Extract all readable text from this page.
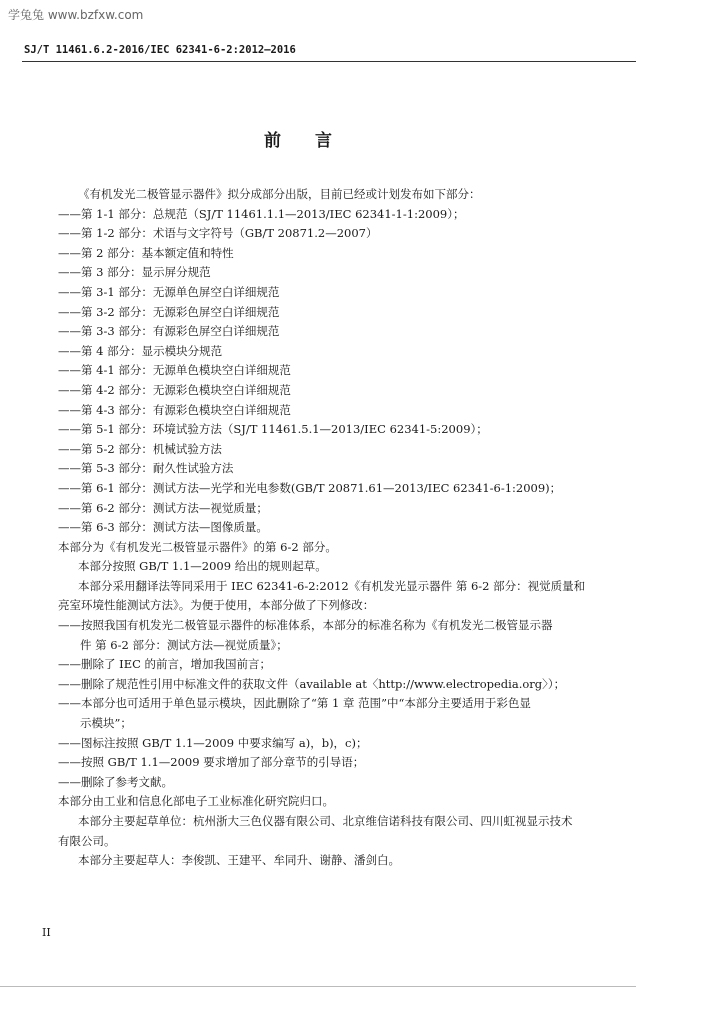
学兔兔 www.bzfxw.com
SJ/T 11461.6.2-2016/IEC 62341-6-2:2012—2016
前言

《有机发光二极管显示器件》拟分成部分出版，目前已经或计划发布如下部分：

——第 1-1 部分：总规范（SJ/T 11461.1.1—2013/IEC 62341-1-1:2009）；

——第 1-2 部分：术语与文字符号（GB/T 20871.2—2007）

——第 2 部分：基本额定值和特性

——第 3 部分：显示屏分规范

——第 3-1 部分：无源单色屏空白详细规范

——第 3-2 部分：无源彩色屏空白详细规范

——第 3-3 部分：有源彩色屏空白详细规范

——第 4 部分：显示模块分规范

——第 4-1 部分：无源单色模块空白详细规范

——第 4-2 部分：无源彩色模块空白详细规范

——第 4-3 部分：有源彩色模块空白详细规范

——第 5-1 部分：环境试验方法（SJ/T 11461.5.1—2013/IEC 62341-5:2009）；

——第 5-2 部分：机械试验方法

——第 5-3 部分：耐久性试验方法

——第 6-1 部分：测试方法—光学和光电参数(GB/T 20871.61—2013/IEC 62341-6-1:2009)；

——第 6-2 部分：测试方法—视觉质量；

——第 6-3 部分：测试方法—图像质量。

本部分为《有机发光二极管显示器件》的第 6-2 部分。

本部分按照 GB/T 1.1—2009 给出的规则起草。

本部分采用翻译法等同采用于 IEC 62341-6-2:2012《有机发光显示器件 第 6-2 部分：视觉质量和

亮室环境性能测试方法》。为便于使用，本部分做了下列修改：

——按照我国有机发光二极管显示器件的标准体系，本部分的标准名称为《有机发光二极管显示器

件 第 6-2 部分：测试方法—视觉质量》；

——删除了 IEC 的前言，增加我国前言；

——删除了规范性引用中标准文件的获取文件（available at〈http://www.electropedia.org〉）；

——本部分也可适用于单色显示模块，因此删除了“第 1 章 范围”中“本部分主要适用于彩色显

示模块”；

——图标注按照 GB/T 1.1—2009 中要求编写 a)，b)，c)；

——按照 GB/T 1.1—2009 要求增加了部分章节的引导语；

——删除了参考文献。

本部分由工业和信息化部电子工业标准化研究院归口。

本部分主要起草单位：杭州浙大三色仪器有限公司、北京维信诺科技有限公司、四川虹视显示技术

有限公司。

本部分主要起草人：李俊凯、王建平、牟同升、谢静、潘剑白。

II
